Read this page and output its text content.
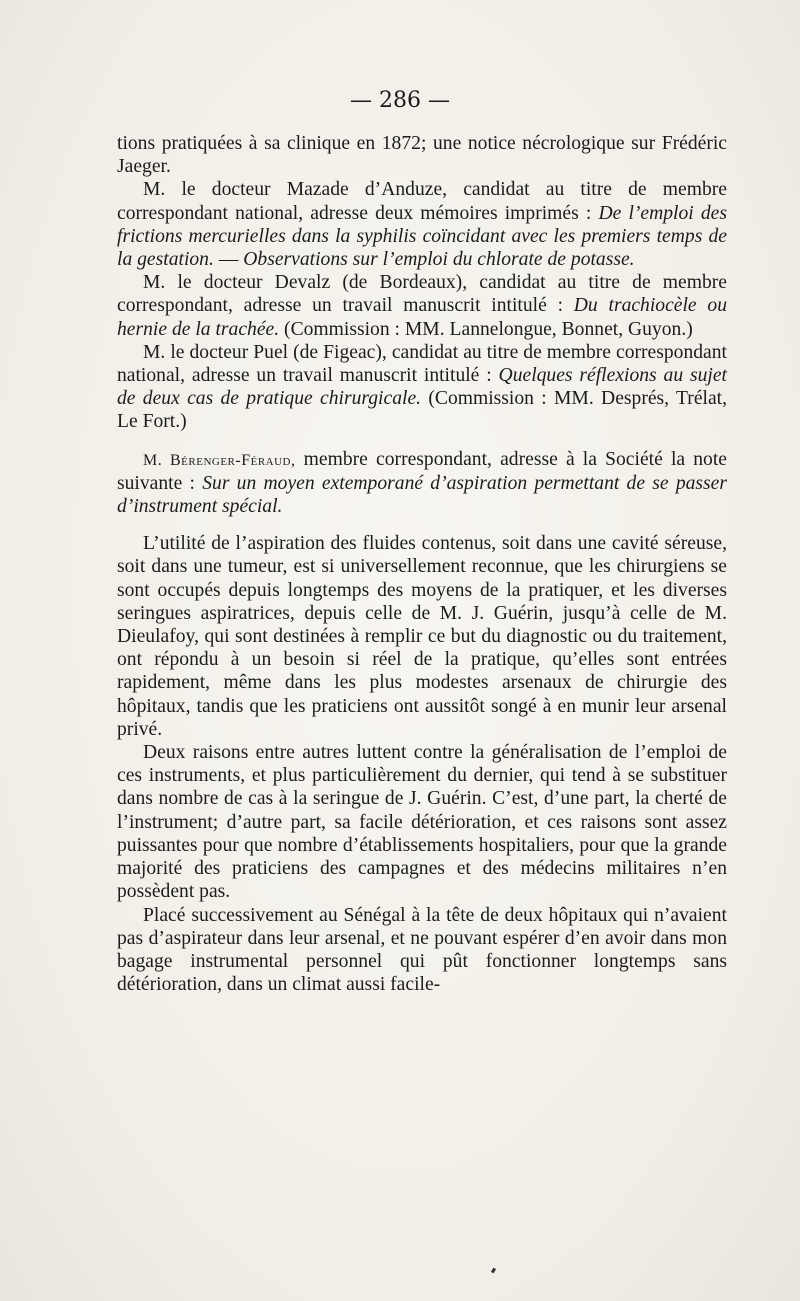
— 286 —

tions pratiquées à sa clinique en 1872; une notice nécrologique sur Frédéric Jaeger.

M. le docteur Mazade d’Anduze, candidat au titre de membre correspondant national, adresse deux mémoires imprimés : De l’emploi des frictions mercurielles dans la syphilis coïncidant avec les premiers temps de la gestation. — Observations sur l’emploi du chlorate de potasse.

M. le docteur Devalz (de Bordeaux), candidat au titre de membre correspondant, adresse un travail manuscrit intitulé : Du trachiocèle ou hernie de la trachée. (Commission : MM. Lannelongue, Bonnet, Guyon.)

M. le docteur Puel (de Figeac), candidat au titre de membre correspondant national, adresse un travail manuscrit intitulé : Quelques réflexions au sujet de deux cas de pratique chirurgicale. (Commission : MM. Després, Trélat, Le Fort.)

M. Bérenger-Féraud, membre correspondant, adresse à la Société la note suivante : Sur un moyen extemporané d’aspiration permettant de se passer d’instrument spécial.

L’utilité de l’aspiration des fluides contenus, soit dans une cavité séreuse, soit dans une tumeur, est si universellement reconnue, que les chirurgiens se sont occupés depuis longtemps des moyens de la pratiquer, et les diverses seringues aspiratrices, depuis celle de M. J. Guérin, jusqu’à celle de M. Dieulafoy, qui sont destinées à remplir ce but du diagnostic ou du traitement, ont répondu à un besoin si réel de la pratique, qu’elles sont entrées rapidement, même dans les plus modestes arsenaux de chirurgie des hôpitaux, tandis que les praticiens ont aussitôt songé à en munir leur arsenal privé.

Deux raisons entre autres luttent contre la généralisation de l’emploi de ces instruments, et plus particulièrement du dernier, qui tend à se substituer dans nombre de cas à la seringue de J. Guérin. C’est, d’une part, la cherté de l’instrument; d’autre part, sa facile détérioration, et ces raisons sont assez puissantes pour que nombre d’établissements hospitaliers, pour que la grande majorité des praticiens des campagnes et des médecins militaires n’en possèdent pas.

Placé successivement au Sénégal à la tête de deux hôpitaux qui n’avaient pas d’aspirateur dans leur arsenal, et ne pouvant espérer d’en avoir dans mon bagage instrumental personnel qui pût fonctionner longtemps sans détérioration, dans un climat aussi facile-
